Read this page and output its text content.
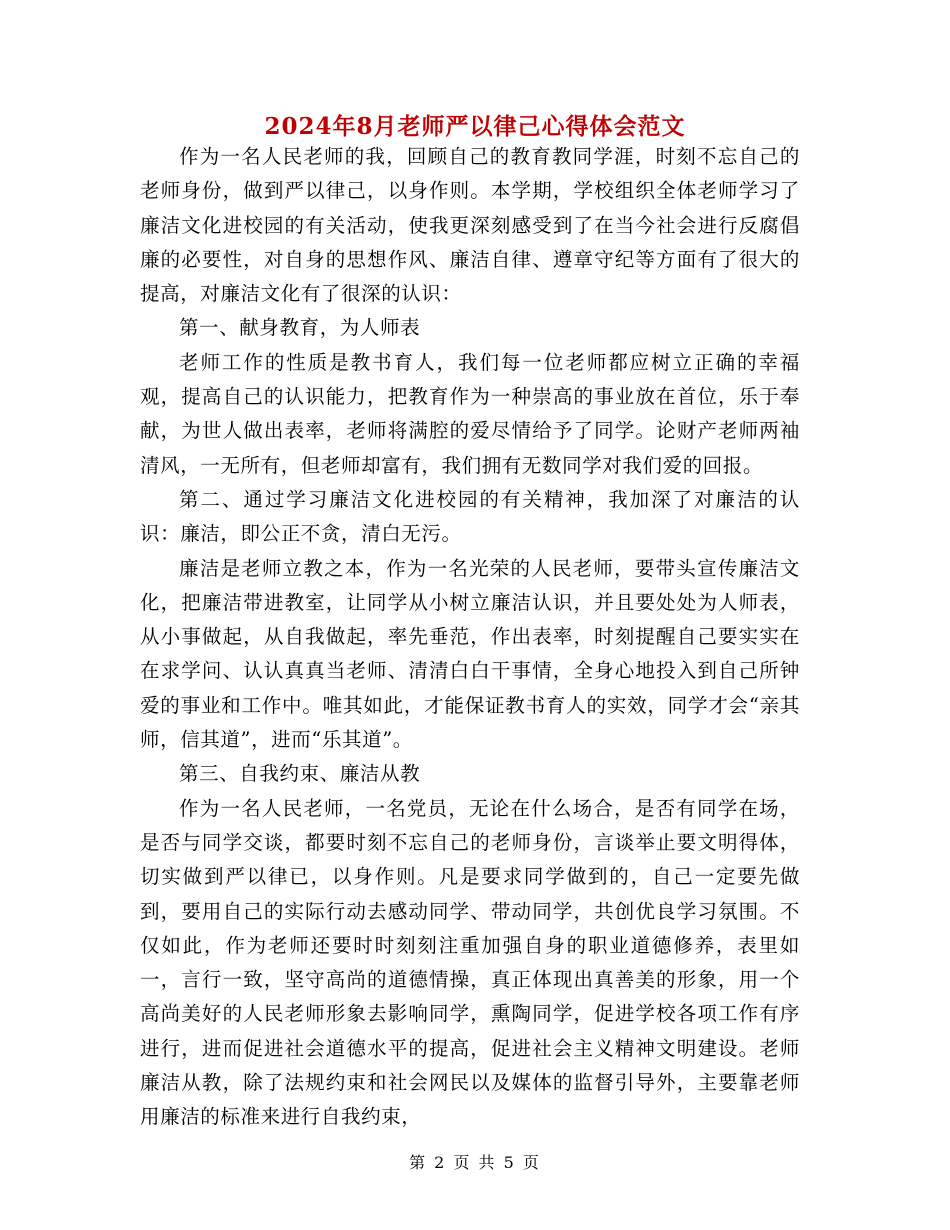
2024年8月老师严以律己心得体会范文

作为一名人民老师的我，回顾自己的教育教同学涯，时刻不忘自己的老师身份，做到严以律己，以身作则。本学期，学校组织全体老师学习了廉洁文化进校园的有关活动，使我更深刻感受到了在当今社会进行反腐倡廉的必要性，对自身的思想作风、廉洁自律、遵章守纪等方面有了很大的提高，对廉洁文化有了很深的认识：

第一、献身教育，为人师表

老师工作的性质是教书育人，我们每一位老师都应树立正确的幸福观，提高自己的认识能力，把教育作为一种崇高的事业放在首位，乐于奉献，为世人做出表率，老师将满腔的爱尽情给予了同学。论财产老师两袖清风，一无所有，但老师却富有，我们拥有无数同学对我们爱的回报。

第二、通过学习廉洁文化进校园的有关精神，我加深了对廉洁的认识：廉洁，即公正不贪，清白无污。

廉洁是老师立教之本，作为一名光荣的人民老师，要带头宣传廉洁文化，把廉洁带进教室，让同学从小树立廉洁认识，并且要处处为人师表，从小事做起，从自我做起，率先垂范，作出表率，时刻提醒自己要实实在在求学问、认认真真当老师、清清白白干事情，全身心地投入到自己所钟爱的事业和工作中。唯其如此，才能保证教书育人的实效，同学才会“亲其师，信其道”，进而“乐其道”。

第三、自我约束、廉洁从教

作为一名人民老师，一名党员，无论在什么场合，是否有同学在场，是否与同学交谈，都要时刻不忘自己的老师身份，言谈举止要文明得体，切实做到严以律已，以身作则。凡是要求同学做到的，自己一定要先做到，要用自己的实际行动去感动同学、带动同学，共创优良学习氛围。不仅如此，作为老师还要时时刻刻注重加强自身的职业道德修养，表里如一，言行一致，坚守高尚的道德情操，真正体现出真善美的形象，用一个高尚美好的人民老师形象去影响同学，熏陶同学，促进学校各项工作有序进行，进而促进社会道德水平的提高，促进社会主义精神文明建设。老师廉洁从教，除了法规约束和社会网民以及媒体的监督引导外，主要靠老师用廉洁的标准来进行自我约束，

第 2 页 共 5 页
